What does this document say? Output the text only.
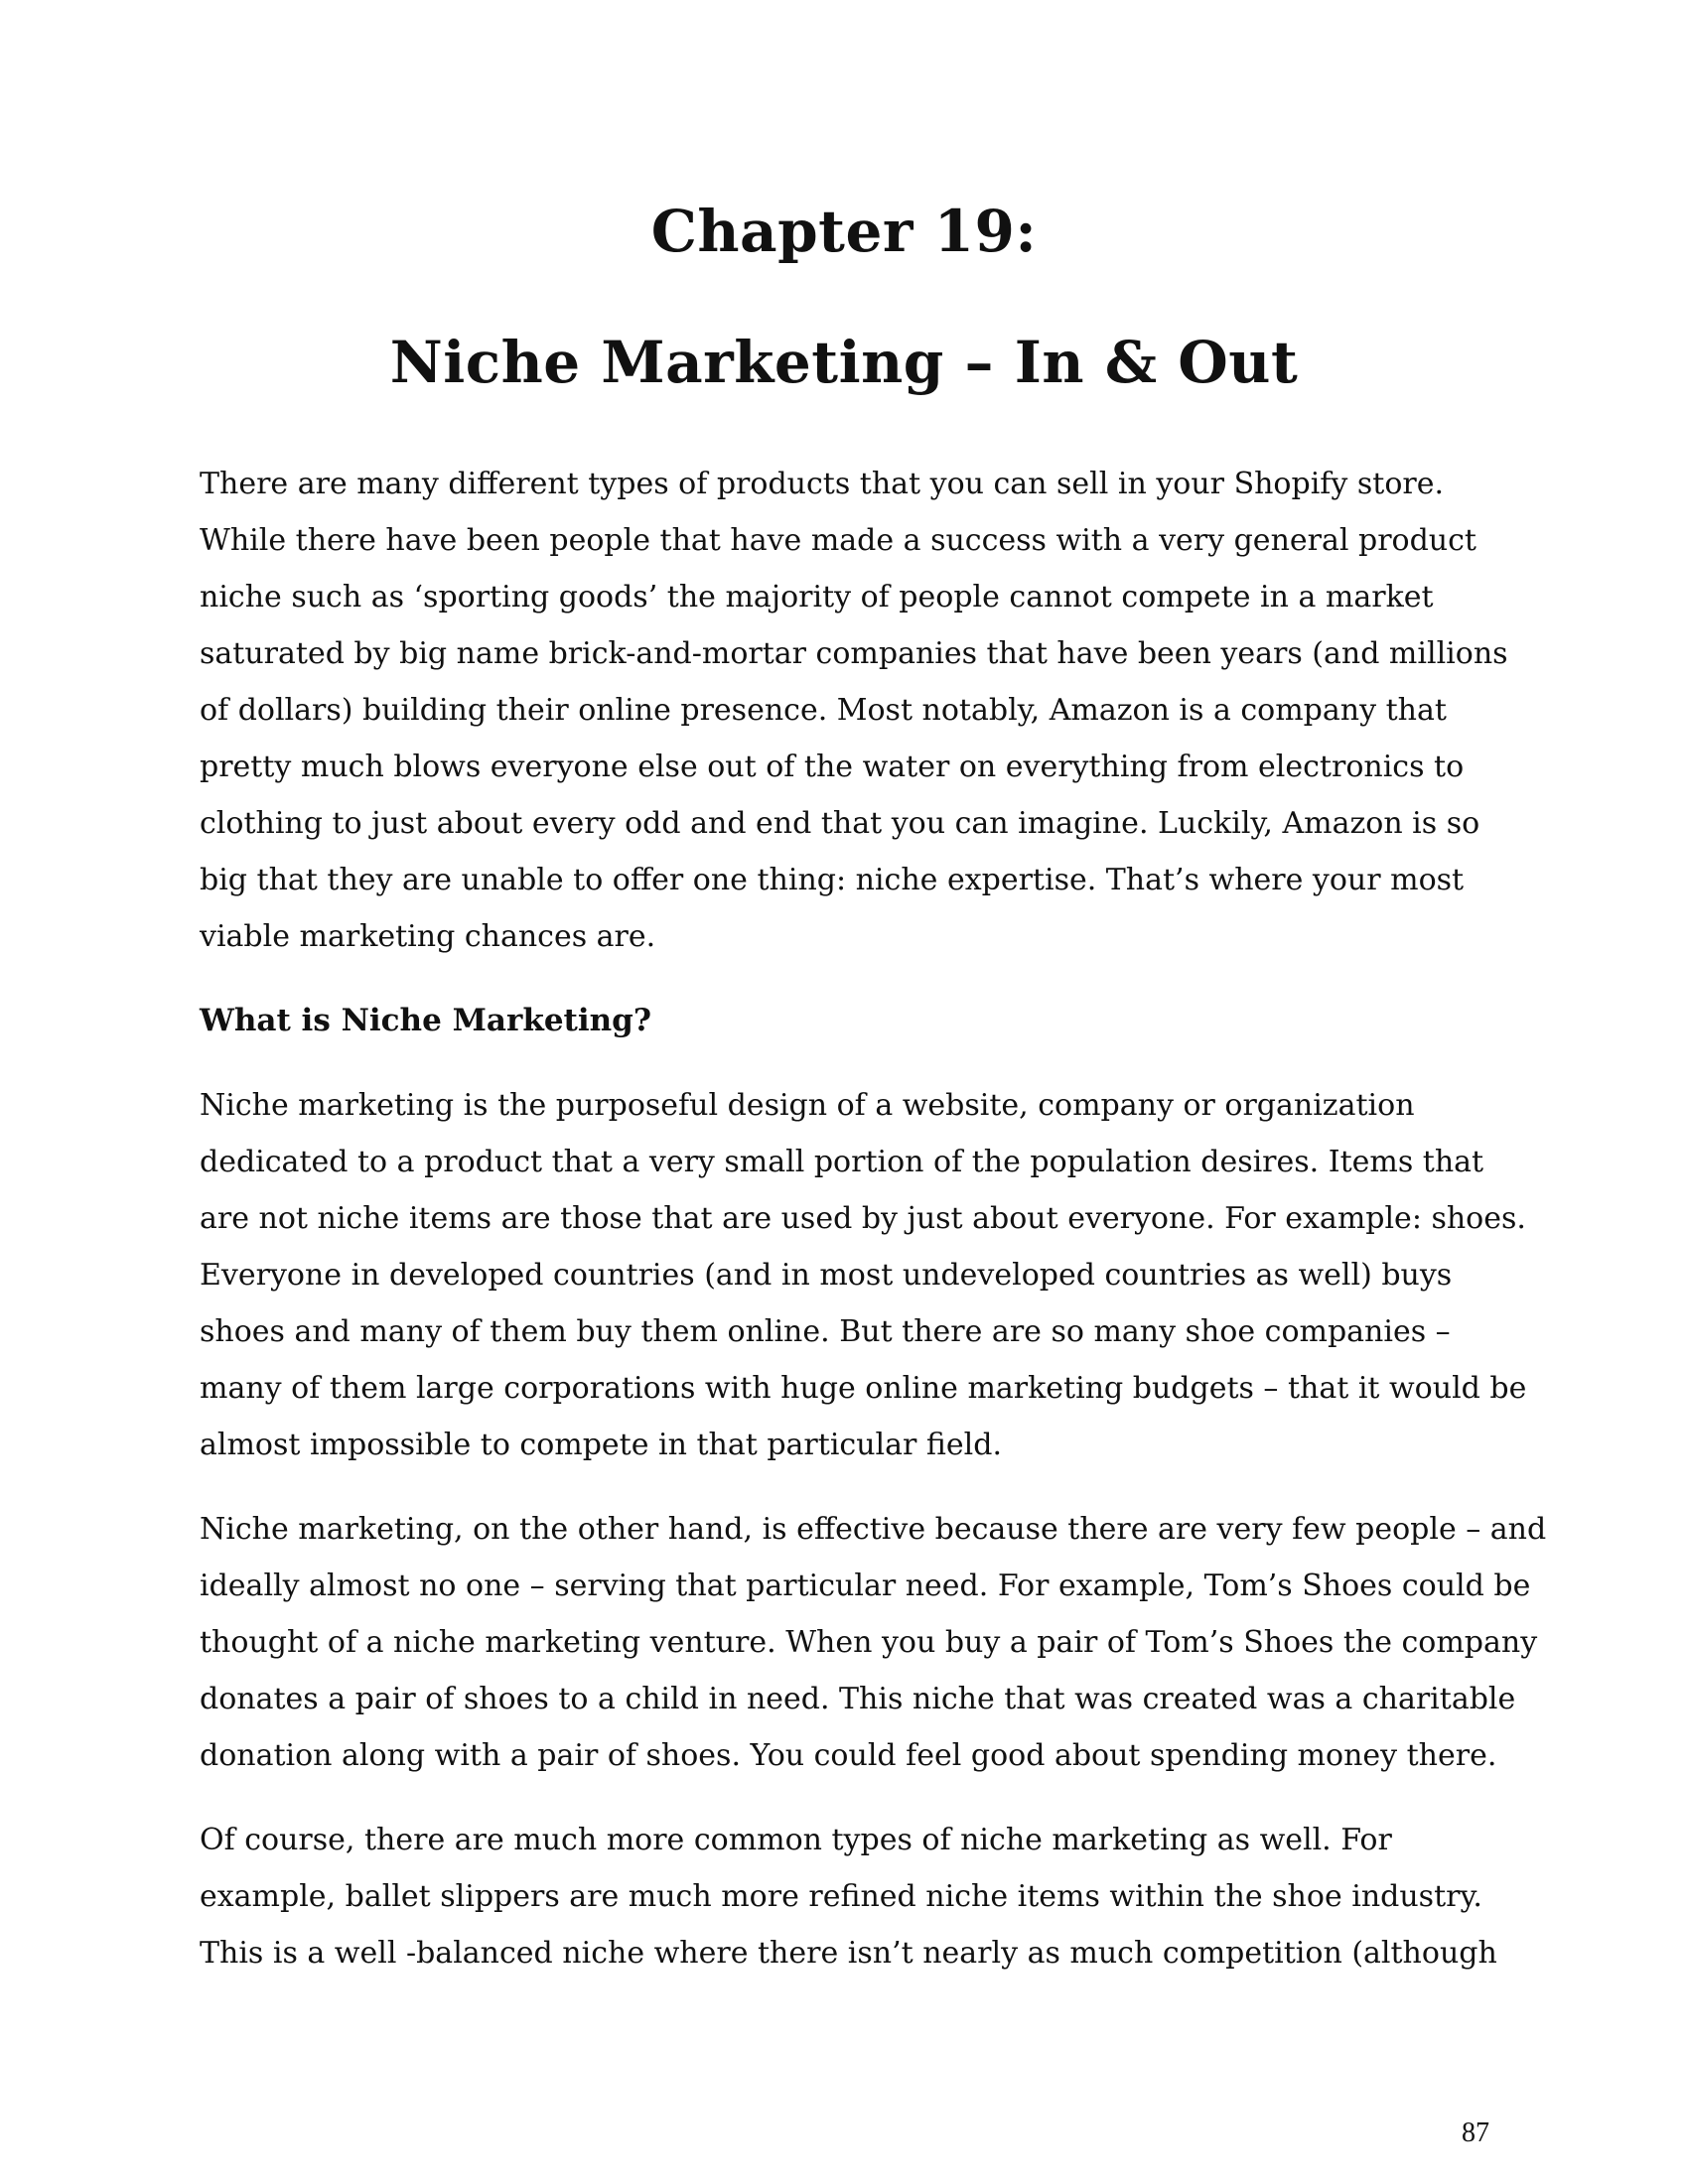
Chapter 19:
Niche Marketing – In & Out

There are many different types of products that you can sell in your Shopify store.
While there have been people that have made a success with a very general product
niche such as ‘sporting goods’ the majority of people cannot compete in a market
saturated by big name brick-and-mortar companies that have been years (and millions
of dollars) building their online presence. Most notably, Amazon is a company that
pretty much blows everyone else out of the water on everything from electronics to
clothing to just about every odd and end that you can imagine. Luckily, Amazon is so
big that they are unable to offer one thing: niche expertise. That’s where your most
viable marketing chances are.

What is Niche Marketing?

Niche marketing is the purposeful design of a website, company or organization
dedicated to a product that a very small portion of the population desires. Items that
are not niche items are those that are used by just about everyone. For example: shoes.
Everyone in developed countries (and in most undeveloped countries as well) buys
shoes and many of them buy them online. But there are so many shoe companies –
many of them large corporations with huge online marketing budgets – that it would be
almost impossible to compete in that particular field.

Niche marketing, on the other hand, is effective because there are very few people – and
ideally almost no one – serving that particular need. For example, Tom’s Shoes could be
thought of a niche marketing venture. When you buy a pair of Tom’s Shoes the company
donates a pair of shoes to a child in need. This niche that was created was a charitable
donation along with a pair of shoes. You could feel good about spending money there.

Of course, there are much more common types of niche marketing as well. For
example, ballet slippers are much more refined niche items within the shoe industry.
This is a well -balanced niche where there isn’t nearly as much competition (although

87
